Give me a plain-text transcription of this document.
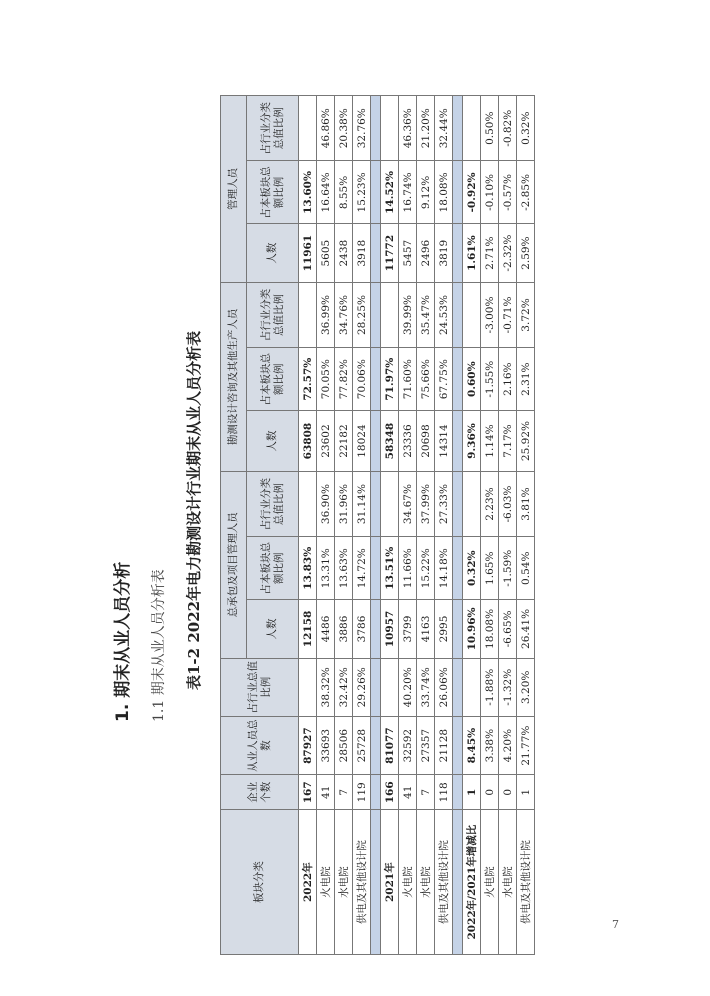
1. 期末从业人员分析 1.1 期末从业人员分析表 表1-2 2022年电力勘测设计行业期末从业人员分析表
板块分类	企业个数	从业人员总数	占行业总值比例	总承包及项目管理人员			勘测设计咨询及其他生产人员			管理人员		
				人数	占本板块总额比例	占行业分类总值比例	人数	占本板块总额比例	占行业分类总值比例	人数	占本板块总额比例	占行业分类总值比例
2022年	167	87927		12158	13.83%		63808	72.57%		11961	13.60%	
火电院	41	33693	38.32%	4486	13.31%	36.90%	23602	70.05%	36.99%	5605	16.64%	46.86%
水电院	7	28506	32.42%	3886	13.63%	31.96%	22182	77.82%	34.76%	2438	8.55%	20.38%
供电及其他设计院	119	25728	29.26%	3786	14.72%	31.14%	18024	70.06%	28.25%	3918	15.23%	32.76%

2021年	166	81077		10957	13.51%		58348	71.97%		11772	14.52%	
火电院	41	32592	40.20%	3799	11.66%	34.67%	23336	71.60%	39.99%	5457	16.74%	46.36%
水电院	7	27357	33.74%	4163	15.22%	37.99%	20698	75.66%	35.47%	2496	9.12%	21.20%
供电及其他设计院	118	21128	26.06%	2995	14.18%	27.33%	14314	67.75%	24.53%	3819	18.08%	32.44%

2022年/2021年增减比	1	8.45%		10.96%	0.32%		9.36%	0.60%		1.61%	-0.92%	
火电院	0	3.38%	-1.88%	18.08%	1.65%	2.23%	1.14%	-1.55%	-3.00%	2.71%	-0.10%	0.50%
水电院	0	4.20%	-1.32%	-6.65%	-1.59%	-6.03%	7.17%	2.16%	-0.71%	-2.32%	-0.57%	-0.82%
供电及其他设计院	1	21.77%	3.20%	26.41%	0.54%	3.81%	25.92%	2.31%	3.72%	2.59%	-2.85%	0.32%
7
